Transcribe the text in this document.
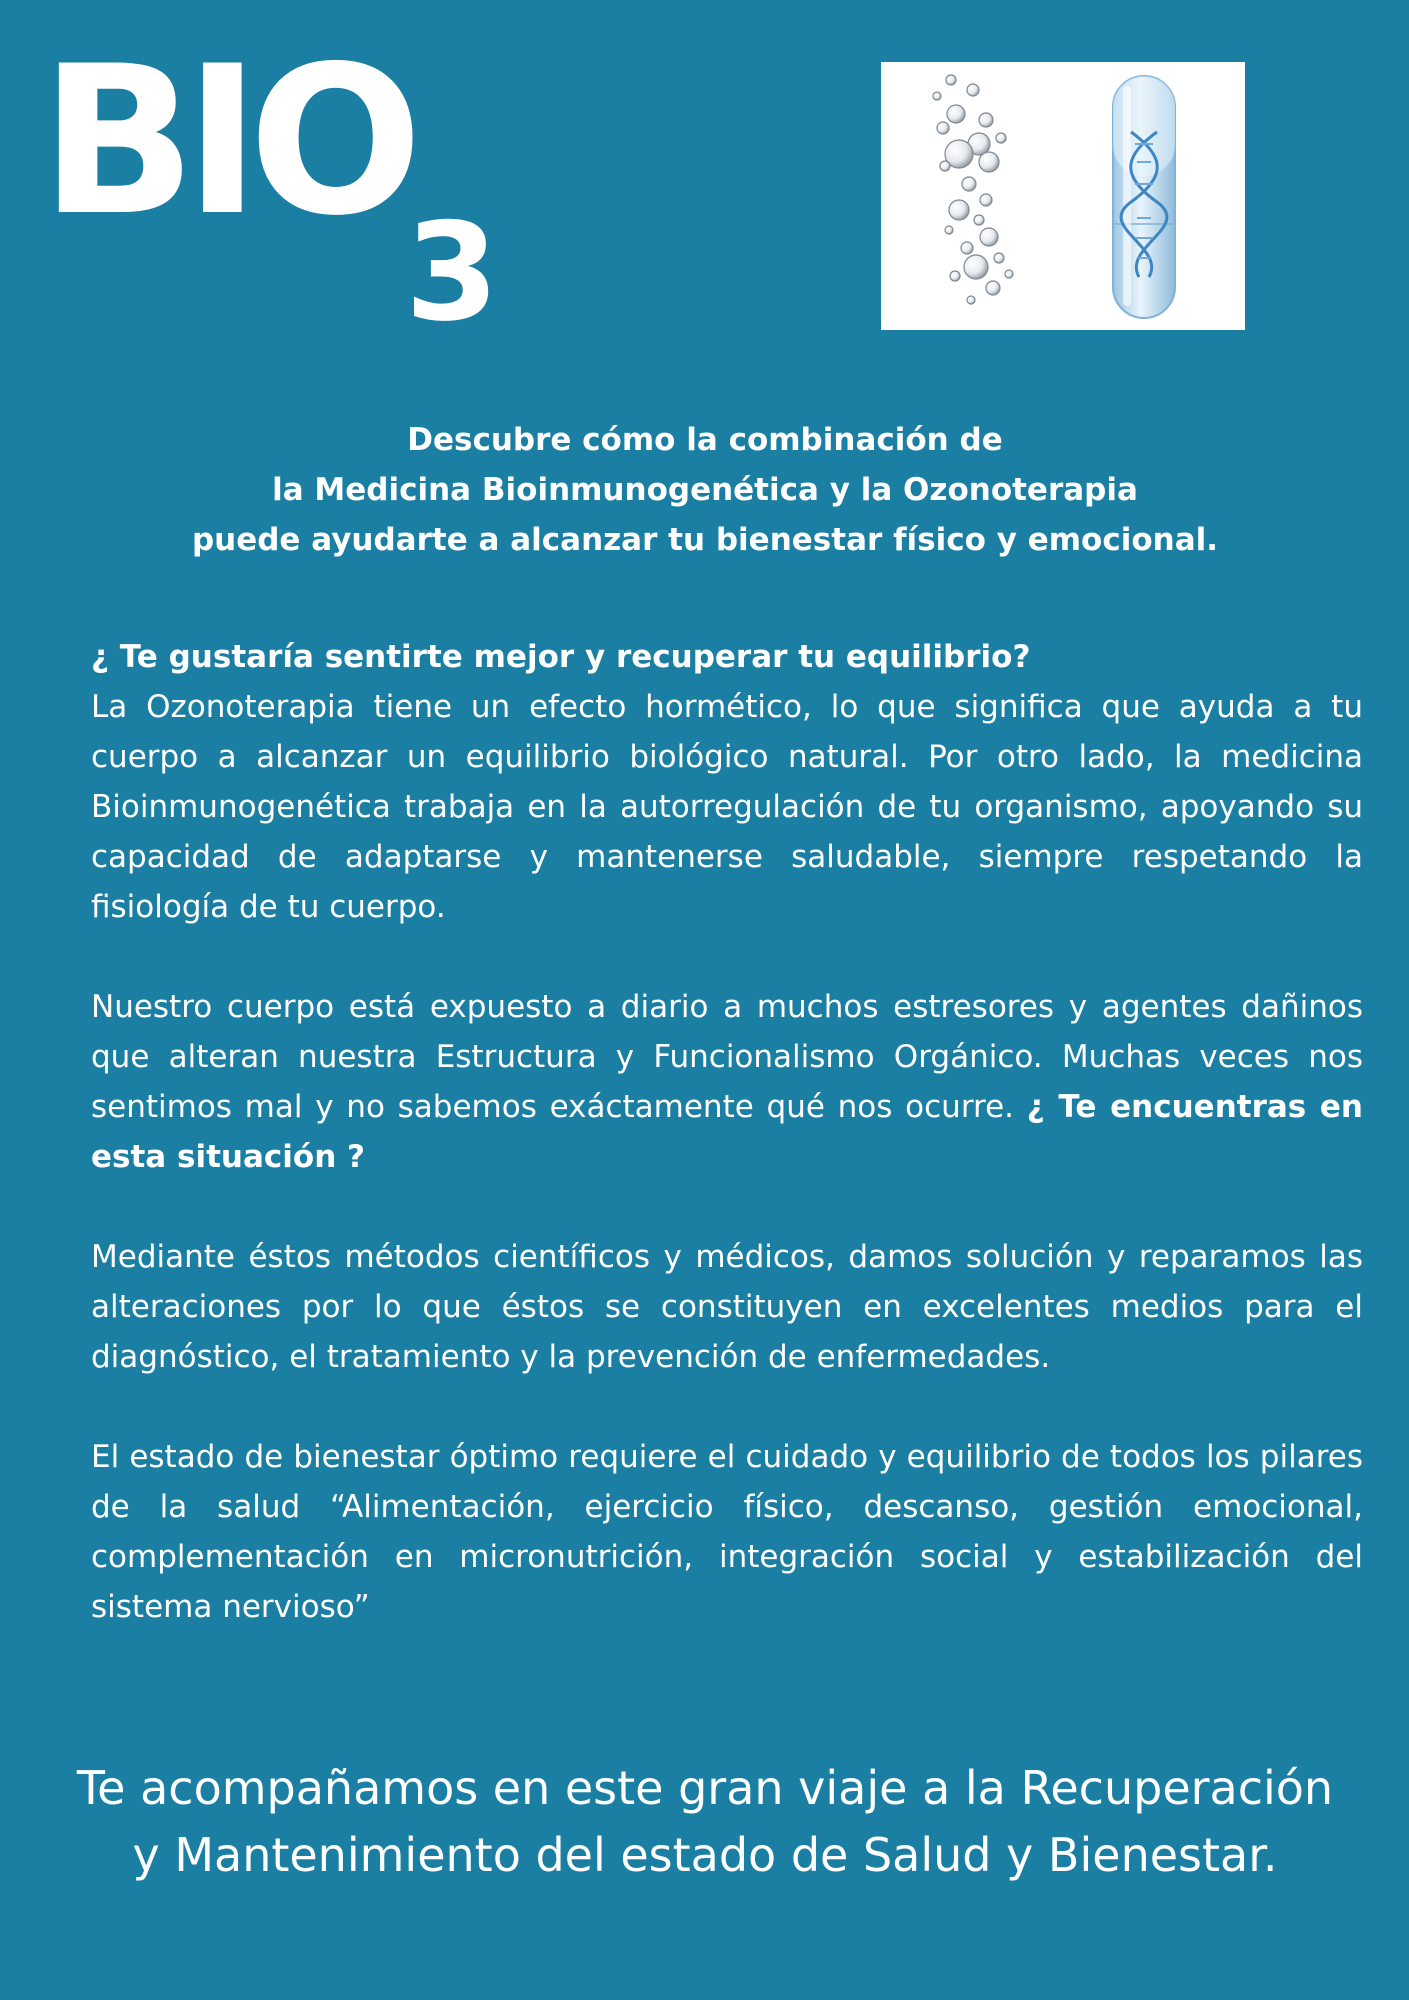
BIO
3
Descubre cómo la combinación de
la Medicina Bioinmunogenética y la Ozonoterapia
puede ayudarte a alcanzar tu bienestar físico y emocional.

¿ Te gustaría sentirte mejor y recuperar tu equilibrio?
La Ozonoterapia tiene un efecto hormético, lo que significa que ayuda a tu cuerpo a alcanzar un equilibrio biológico natural. Por otro lado, la medicina Bioinmunogenética trabaja en la autorregulación de tu organismo, apoyando su capacidad de adaptarse y mantenerse saludable, siempre respetando la fisiología de tu cuerpo.

Nuestro cuerpo está expuesto a diario a muchos estresores y agentes dañinos que alteran nuestra Estructura y Funcionalismo Orgánico. Muchas veces nos sentimos mal y no sabemos exáctamente qué nos ocurre. ¿ Te encuentras en esta situación ?

Mediante éstos métodos científicos y médicos, damos solución y reparamos las alteraciones por lo que éstos se constituyen en excelentes medios para el diagnóstico, el tratamiento y la prevención de enfermedades.

El estado de bienestar óptimo requiere el cuidado y equilibrio de todos los pilares de la salud “Alimentación, ejercicio físico, descanso, gestión emocional, complementación en micronutrición, integración social y estabilización del sistema nervioso”

Te acompañamos en este gran viaje a la Recuperación
y Mantenimiento del estado de Salud y Bienestar.
